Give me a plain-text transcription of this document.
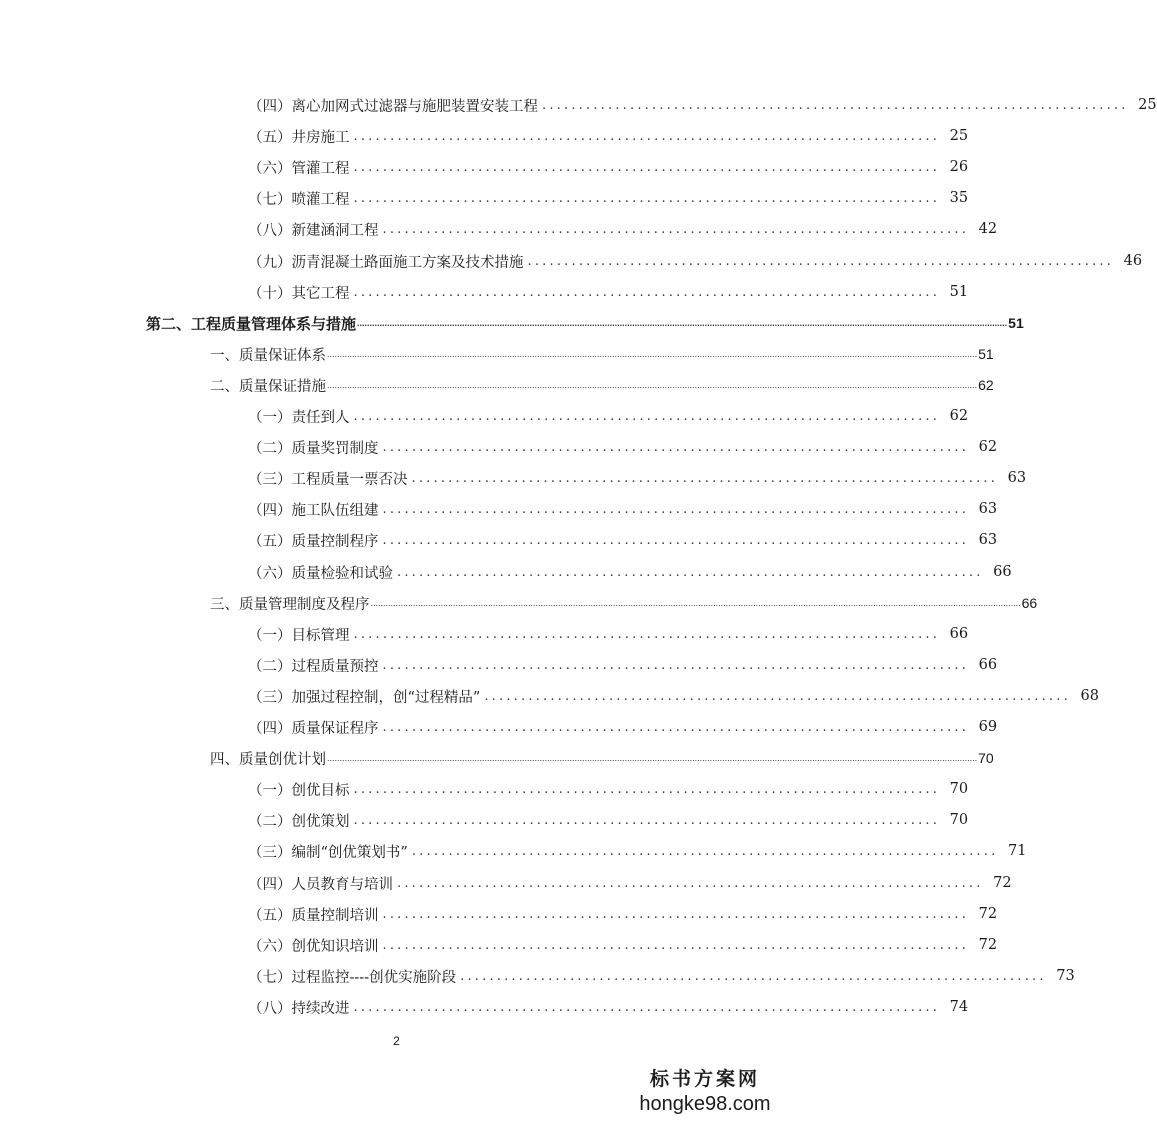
（四）离心加网式过滤器与施肥装置安装工程 ................................................................................ 25
（五）井房施工 ................................................................................ 25
（六）管灌工程 ................................................................................ 26
（七）喷灌工程 ................................................................................ 35
（八）新建涵洞工程 ................................................................................ 42
（九）沥青混凝土路面施工方案及技术措施 ................................................................................ 46
（十）其它工程 ................................................................................ 51
第二、工程质量管理体系与措施 .................................................................................................................................................................................................................................................................... 51
一、质量保证体系 .................................................................................................................................................................................................................................................................... 51
二、质量保证措施 .................................................................................................................................................................................................................................................................... 62
（一）责任到人 ................................................................................ 62
（二）质量奖罚制度 ................................................................................ 62
（三）工程质量一票否决 ................................................................................ 63
（四）施工队伍组建 ................................................................................ 63
（五）质量控制程序 ................................................................................ 63
（六）质量检验和试验 ................................................................................ 66
三、质量管理制度及程序 .................................................................................................................................................................................................................................................................... 66
（一）目标管理 ................................................................................ 66
（二）过程质量预控 ................................................................................ 66
（三）加强过程控制，创“过程精品” ................................................................................ 68
（四）质量保证程序 ................................................................................ 69
四、质量创优计划 .................................................................................................................................................................................................................................................................... 70
（一）创优目标 ................................................................................ 70
（二）创优策划 ................................................................................ 70
（三）编制“创优策划书” ................................................................................ 71
（四）人员教育与培训 ................................................................................ 72
（五）质量控制培训 ................................................................................ 72
（六）创优知识培训 ................................................................................ 72
（七）过程监控----创优实施阶段 ................................................................................ 73
（八）持续改进 ................................................................................ 74
2
标书方案网
hongke98.com
